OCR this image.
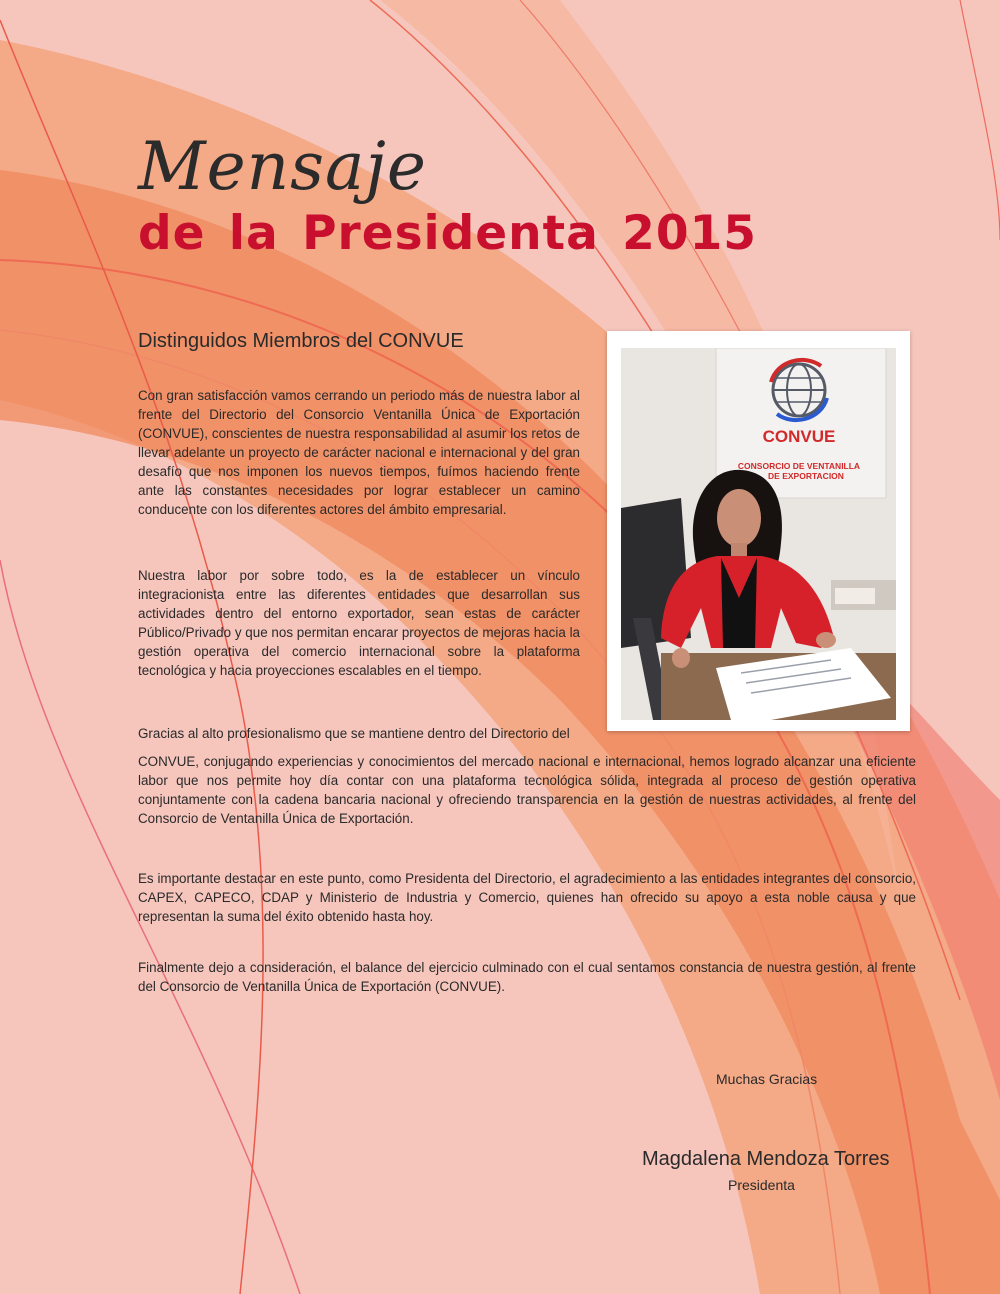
Mensaje
de la Presidenta 2015
Distinguidos Miembros del CONVUE

Con gran satisfacción vamos cerrando un periodo más de nuestra labor al frente del Directorio del Consorcio Ventanilla Única de Exportación (CONVUE), conscientes de nuestra responsabilidad al asumir los retos de llevar adelante un proyecto de carácter nacional e internacional y del gran desafío que nos imponen los nuevos tiempos, fuímos haciendo frente ante las constantes necesidades por lograr establecer un camino conducente con los diferentes actores del ámbito empresarial.

Nuestra labor por sobre todo, es la de establecer un vínculo integracionista entre las diferentes entidades que desarrollan sus actividades dentro del entorno exportador, sean estas de carácter Público/Privado y que nos permitan encarar proyectos de mejoras hacia la gestión operativa del comercio internacional sobre la plataforma tecnológica y hacia proyecciones escalables en el tiempo.

Gracias al alto profesionalismo que se mantiene dentro del Directorio del

CONVUE, conjugando experiencias y conocimientos del mercado nacional e internacional, hemos logrado alcanzar una eficiente labor que nos permite hoy día contar con una plataforma tecnológica sólida, integrada al proceso de gestión operativa conjuntamente con la cadena bancaria nacional y ofreciendo transparencia en la gestión de nuestras actividades, al frente del Consorcio de Ventanilla Única de Exportación.

Es importante destacar en este punto, como Presidenta del Directorio, el agradecimiento a las entidades integrantes del consorcio, CAPEX, CAPECO, CDAP y Ministerio de Industria y Comercio, quienes han ofrecido su apoyo a esta noble causa y que representan la suma del éxito obtenido hasta hoy.

Finalmente dejo a consideración, el balance del ejercicio culminado con el cual sentamos constancia de nuestra gestión, al frente del Consorcio de Ventanilla Única de Exportación (CONVUE).

CONVUE
CONSORCIO DE VENTANILLA
DE EXPORTACION
Muchas Gracias
Magdalena Mendoza Torres
Presidenta
